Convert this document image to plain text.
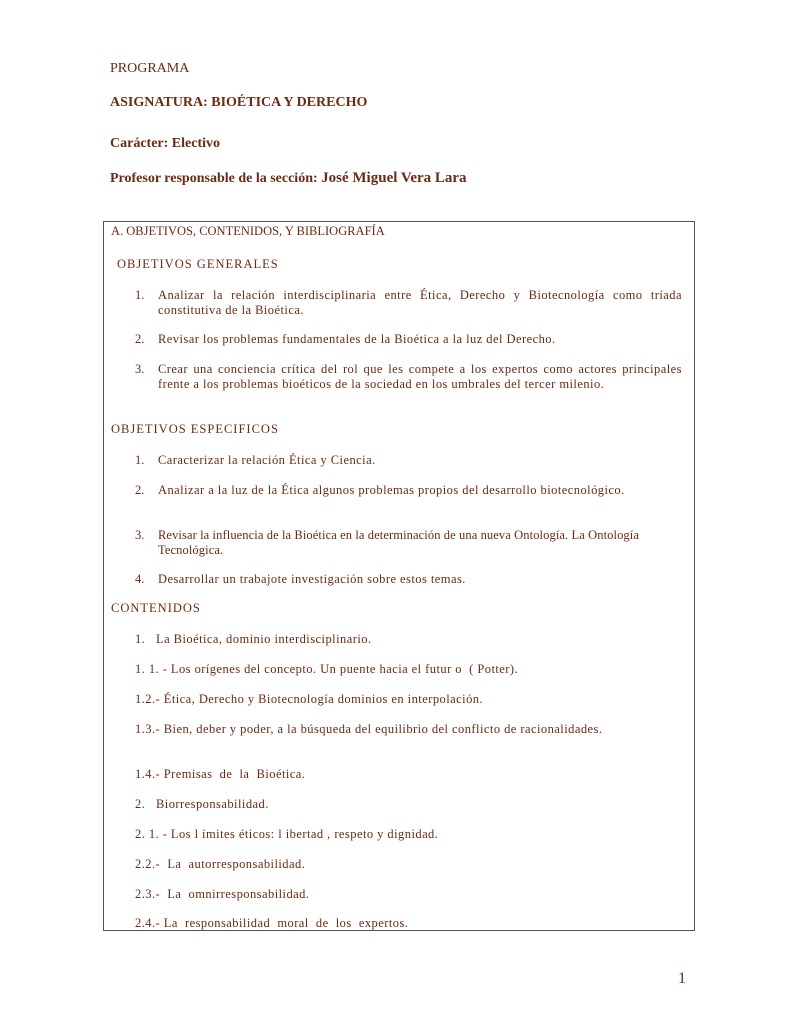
PROGRAMA

ASIGNATURA: BIOÉTICA Y DERECHO

Carácter: Electivo

Profesor responsable de la sección: José Miguel Vera Lara

A. OBJETIVOS, CONTENIDOS, Y BIBLIOGRAFÍA

OBJETIVOS GENERALES

1. Analizar la relación interdisciplinaria entre Ética, Derecho y Biotecnología como tríada constitutiva de la Bioética.

2. Revisar los problemas fundamentales de la Bioética a la luz del Derecho.

3. Crear una conciencia crítica del rol que les compete a los expertos como actores principales frente a los problemas bioéticos de la sociedad en los umbrales del tercer milenio.

OBJETIVOS ESPECIFICOS

1. Caracterizar la relación Ética y Ciencia.

2. Analizar a la luz de la Ética algunos problemas propios del desarrollo biotecnológico.

3. Revisar la influencia de la Bioética en la determinación de una nueva Ontología. La Ontología Tecnológica.

4. Desarrollar un trabajote investigación sobre estos temas.

CONTENIDOS

1.   La Bioética, dominio interdisciplinario.

1. 1. - Los orígenes del concepto. Un puente hacia el futur o  ( Potter).

1.2.- Ética, Derecho y Biotecnología dominios en interpolación.

1.3.- Bien, deber y poder, a la búsqueda del equilibrio del conflicto de racionalidades.

1.4.- Premisas  de  la  Bioética.

2.   Biorresponsabilidad.

2. 1. - Los l ímites éticos: l ibertad , respeto y dignidad.

2.2.-  La  autorresponsabilidad.

2.3.-  La  omnirresponsabilidad.

2.4.- La  responsabilidad  moral  de  los  expertos.

1
